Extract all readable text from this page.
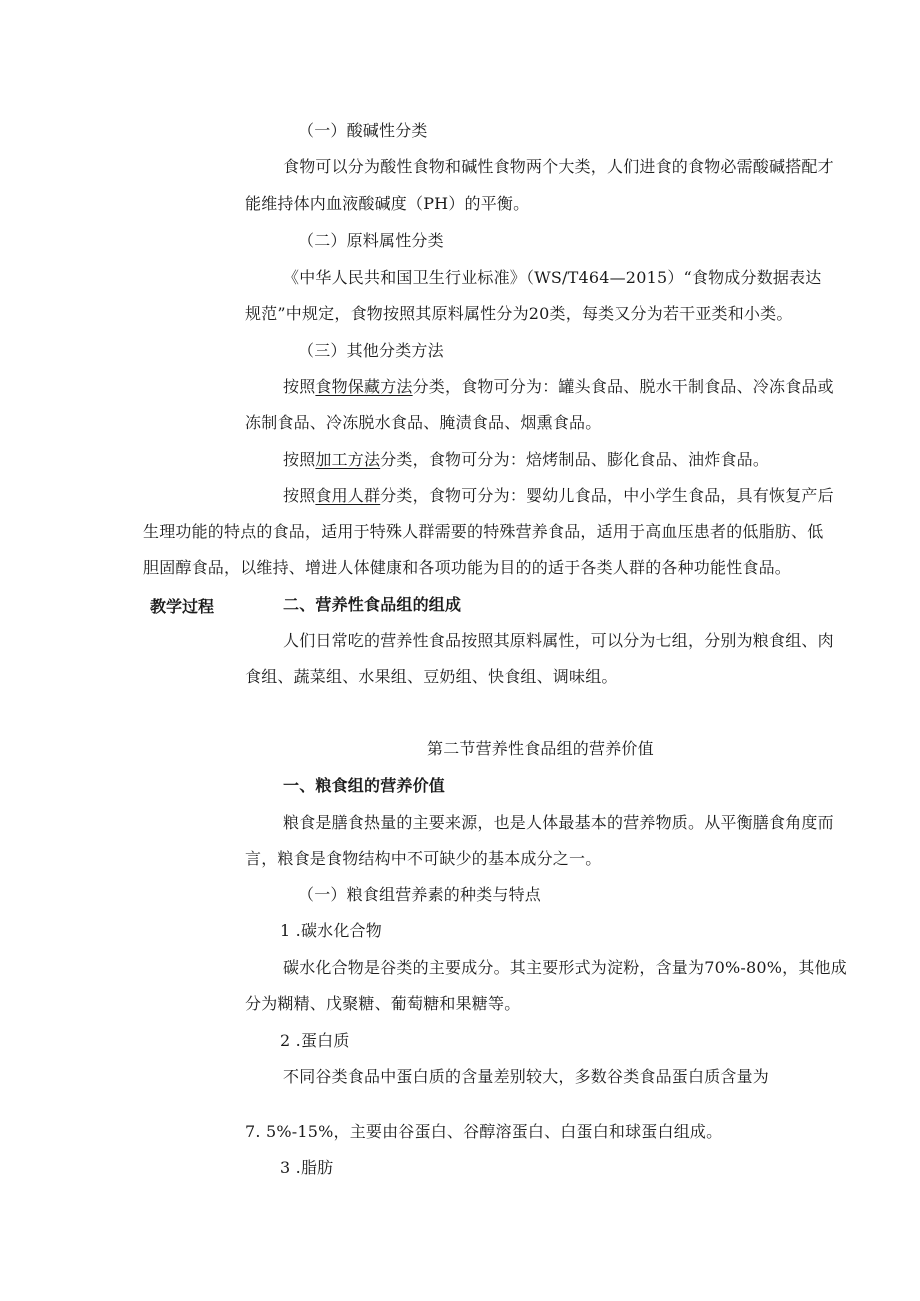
（一）酸碱性分类
食物可以分为酸性食物和碱性食物两个大类，人们进食的食物必需酸碱搭配才
能维持体内血液酸碱度（PH）的平衡。
（二）原料属性分类
《中华人民共和国卫生行业标准》（WS/T464—2015）“食物成分数据表达
规范”中规定，食物按照其原料属性分为20类，每类又分为若干亚类和小类。
（三）其他分类方法
按照食物保藏方法分类，食物可分为：罐头食品、脱水干制食品、冷冻食品或
冻制食品、冷冻脱水食品、腌渍食品、烟熏食品。
按照加工方法分类，食物可分为：焙烤制品、膨化食品、油炸食品。
按照食用人群分类，食物可分为：婴幼儿食品，中小学生食品，具有恢复产后
生理功能的特点的食品，适用于特殊人群需要的特殊营养食品，适用于高血压患者的低脂肪、低
胆固醇食品，以维持、增进人体健康和各项功能为目的的适于各类人群的各种功能性食品。
教学过程	二、营养性食品组的组成
人们日常吃的营养性食品按照其原料属性，可以分为七组，分别为粮食组、肉
食组、蔬菜组、水果组、豆奶组、快食组、调味组。
第二节营养性食品组的营养价值
一、粮食组的营养价值
粮食是膳食热量的主要来源，也是人体最基本的营养物质。从平衡膳食角度而
言，粮食是食物结构中不可缺少的基本成分之一。
（一）粮食组营养素的种类与特点
1 .碳水化合物
碳水化合物是谷类的主要成分。其主要形式为淀粉，含量为70%-80%，其他成
分为糊精、戊聚糖、葡萄糖和果糖等。
2 .蛋白质
不同谷类食品中蛋白质的含量差别较大，多数谷类食品蛋白质含量为
7. 5%-15%，主要由谷蛋白、谷醇溶蛋白、白蛋白和球蛋白组成。
3 .脂肪
